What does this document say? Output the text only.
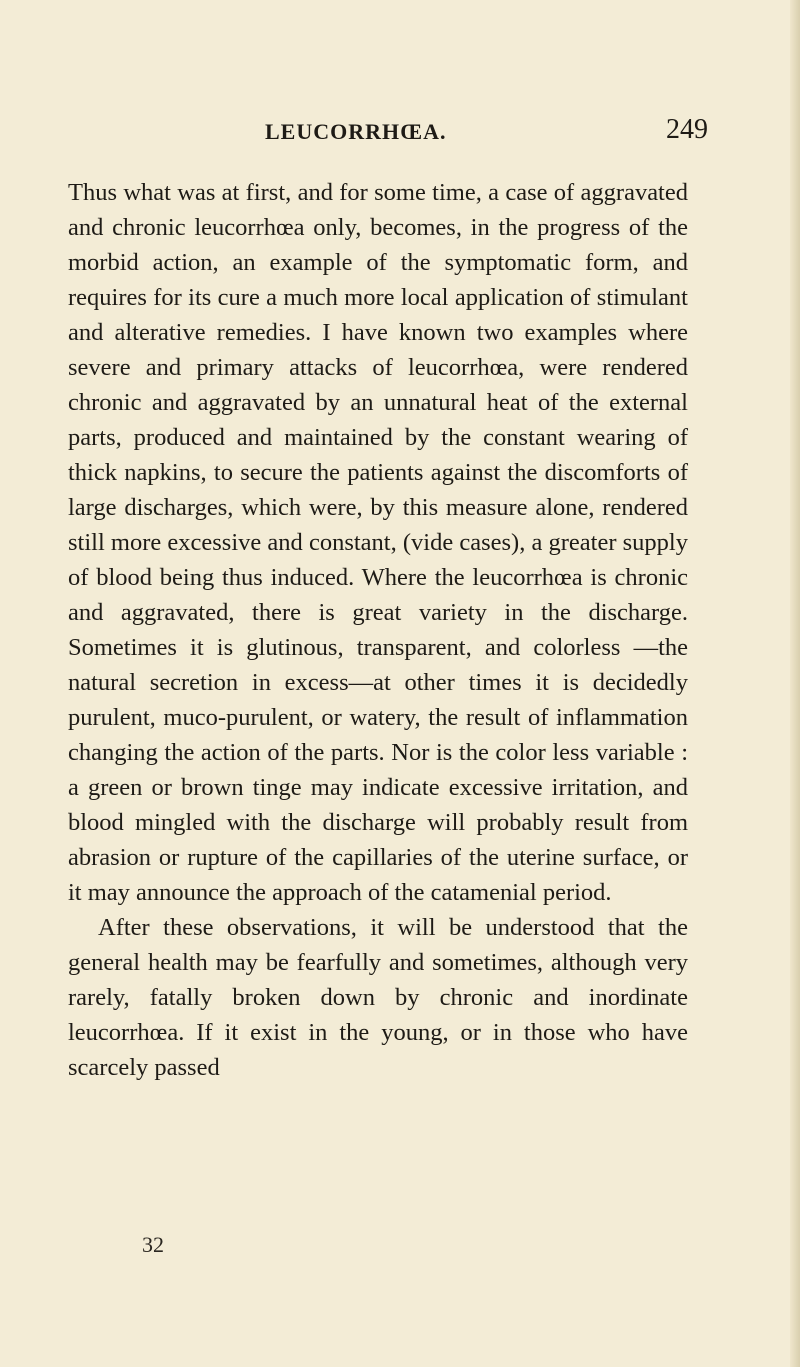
LEUCORRHŒA.	249

Thus what was at first, and for some time, a case of aggravated and chronic leucorrhœa only, becomes, in the progress of the morbid action, an example of the symptomatic form, and requires for its cure a much more local application of stimulant and alterative remedies. I have known two examples where severe and primary attacks of leucorrhœa, were rendered chronic and aggravated by an unnatural heat of the external parts, produced and maintained by the constant wearing of thick napkins, to secure the patients against the discomforts of large discharges, which were, by this measure alone, rendered still more excessive and constant, (vide cases), a greater supply of blood being thus induced. Where the leucorrhœa is chronic and aggravated, there is great variety in the discharge. Sometimes it is glutinous, transparent, and colorless —the natural secretion in excess—at other times it is decidedly purulent, muco-purulent, or watery, the result of inflammation changing the action of the parts. Nor is the color less variable : a green or brown tinge may indicate excessive irritation, and blood mingled with the discharge will probably result from abrasion or rupture of the capillaries of the uterine surface, or it may announce the approach of the catamenial period.

After these observations, it will be understood that the general health may be fearfully and sometimes, although very rarely, fatally broken down by chronic and inordinate leucorrhœa. If it exist in the young, or in those who have scarcely passed

32
